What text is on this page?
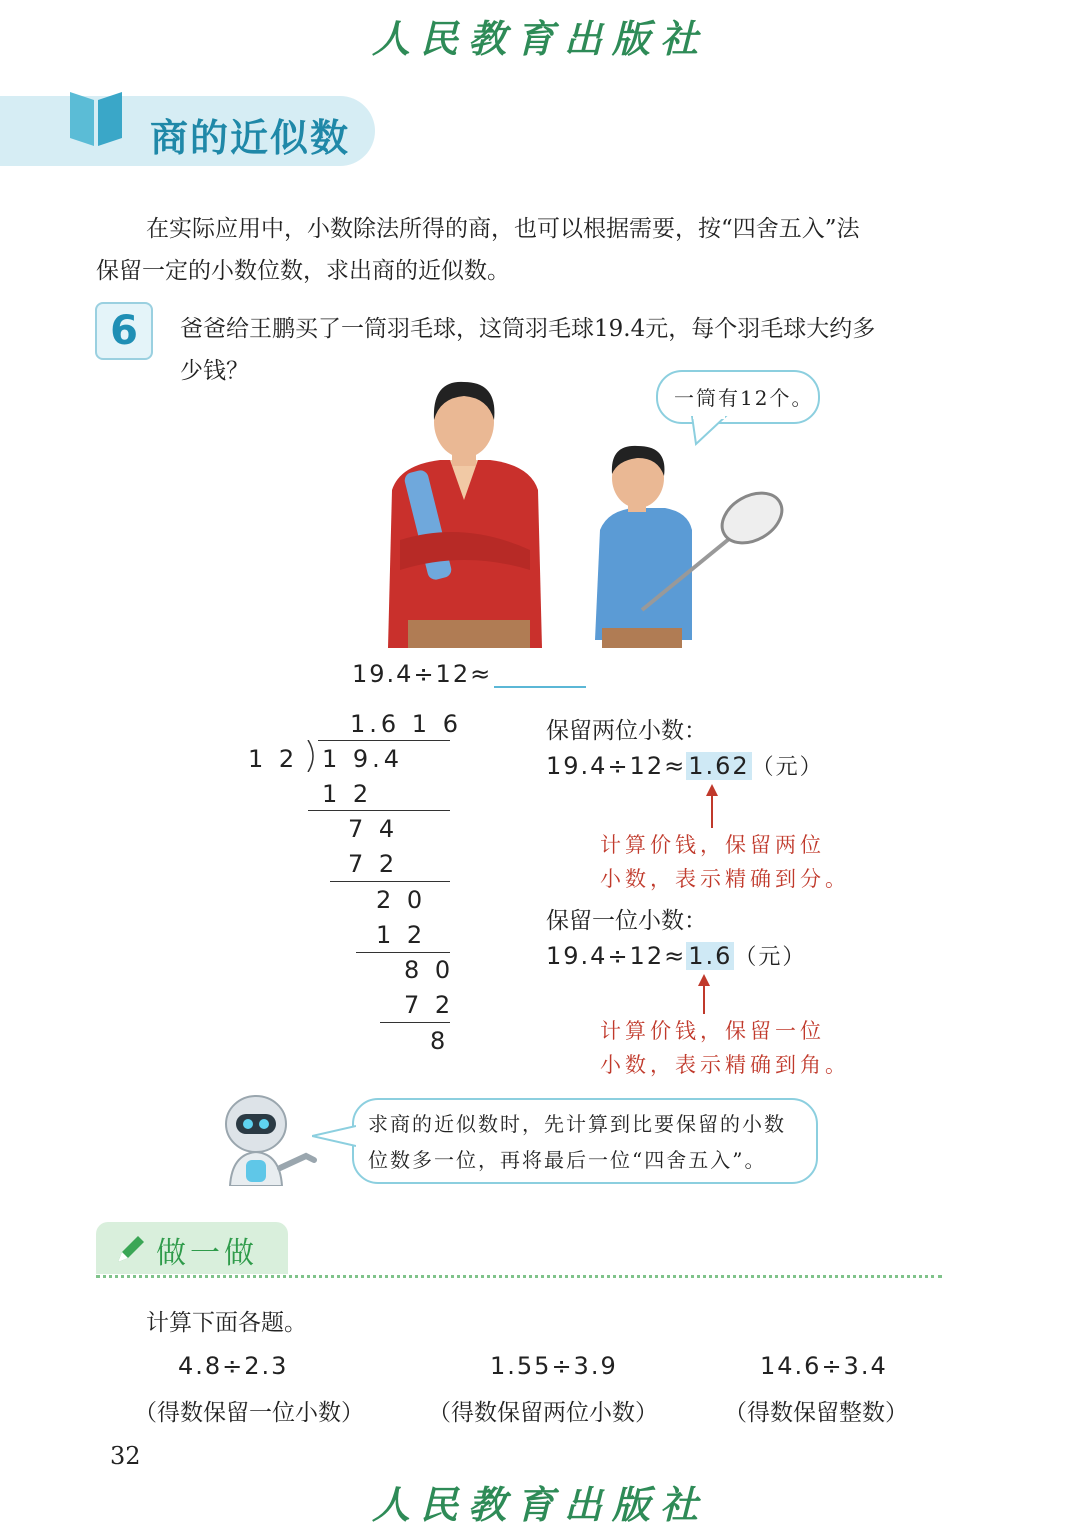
人民教育出版社
商的近似数
在实际应用中，小数除法所得的商，也可以根据需要，按“四舍五入”法
保留一定的小数位数，求出商的近似数。
6	爸爸给王鹏买了一筒羽毛球，这筒羽毛球19.4元，每个羽毛球大约多
少钱？
一筒有12个。
19.4÷12≈
1.6 1 6
1 2 1 9.4
1 2
7 4
7 2
2 0
1 2
8 0
7 2
8
保留两位小数：
19.4÷12≈1.62（元）
计算价钱，保留两位
小数，表示精确到分。
保留一位小数：
19.4÷12≈1.6（元）
计算价钱，保留一位
小数，表示精确到角。
求商的近似数时，先计算到比要保留的小数
位数多一位，再将最后一位“四舍五入”。
做一做
计算下面各题。
4.8÷2.3
（得数保留一位小数）
1.55÷3.9
（得数保留两位小数）
14.6÷3.4
（得数保留整数）
32
人民教育出版社
